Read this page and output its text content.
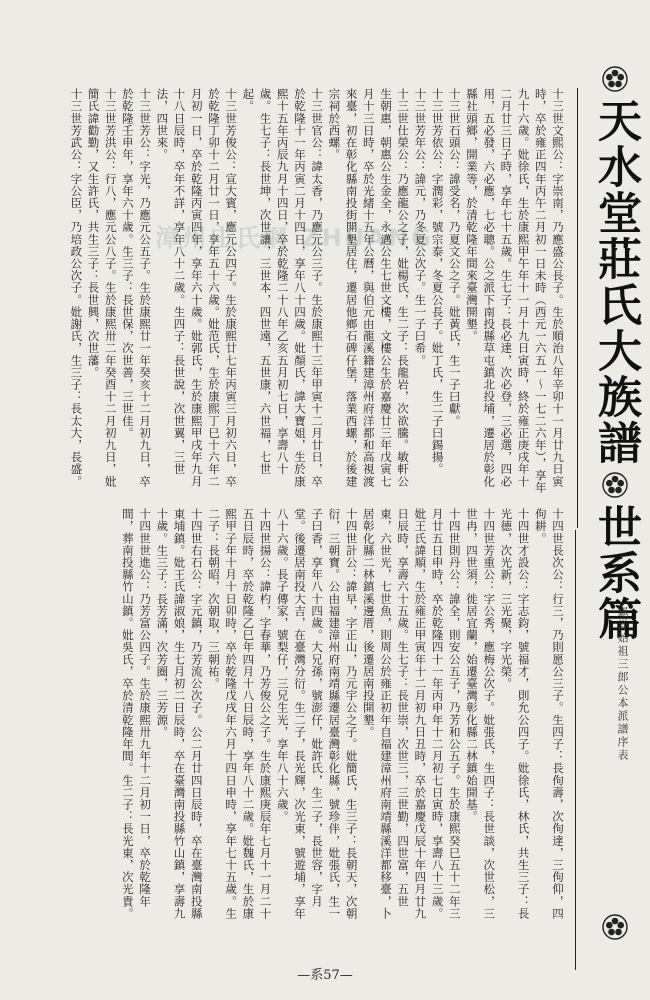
漳州庄氏網 ZHUANG	天水堂莊氏大族譜
世系篇
龜洋始祖三郎公本派譜序表

十三世文熙公：字崇南，乃應盛公長子。生於順治八年辛卯十一月廿九日寅時，卒於雍正四年丙午二月初一日未時（西元一六五一～一七二六年），享年九十六歲。妣徐氏，生於康熙甲午年十一月十九日寅時，終於雍正庚戌年十二月廿三日子時，享年七十五歲。生七子：長必達，次必登，三必選，四必用，五必發，六必應，七必聰。公之派下南投縣草屯鎮北投埔，遷居於彰化縣社頭鄉，開業等，於清乾隆年間來臺灣開墾。

十三世石頭公：諱受名，乃夏文公之子。妣黃氏，生一子曰獻。

十三世芳依公：字潤彩，號宗泰，冬夏公長子。妣丁氏，生二子曰錫揚。

十三世芳年公：諱元，乃冬夏公次子。生一子曰希。

十三世仕榮公：乃應龍公之子，妣楊氏，生二子：長龍岩，次欲騰。敏軒公生朝惠，朝惠公生金全，永邁公生七世文樓，文樓公生於嘉慶廿三年戊寅七月十三日時，卒於光緒十五年公曆，與伯元由龍溪籍建漳州府洋都和高視渡來臺，初在彰化縣南投街開墾居住，遷居他鄉石碑仔堡，落業西螺，於後建宗祠於西螺。

十三世官公：諱太香，乃應元公三子。生於康熙十三年甲寅十二月廿日，卒於乾隆十一年丙寅二月十四日，享年八十四歲。妣顏氏，諱大寶姐，生於康熙十五年丙辰九月十四日，卒於乾隆二十八年乙亥五月初七日，享壽八十歲。生七子：長世坤，次世讓，三世本，四世遠，五世康，六世福，七世起。

十三世芳俊公：宣大賓，應元公四子。生於康熙廿七年丙寅三月初六日，卒於乾隆丁卯十二月廿一日，享年五十六歲。妣范氏，生於康熙丁巳十六年二月初一日，卒於乾隆丙寅四年，享年六十歲。妣郭氏，生於康熙甲戌年九月十八日辰時，卒年不詳，享年八十二歲。生四子：長世說，次世翼，三世法，四世來。

十三世芳公：字光，乃應元公五子。生於康熙廿一年癸亥十二月初九日，卒於乾隆壬申年，享年六十歲。生三子：長世保，次世善，三世佳。

十三世芳洪公：行八，應元公八子。生於康熙卅二年癸酉十二月初九日，妣簡氏諱勸勤，又生許氏，共生三子：長世興，次世藩。

十三世芳武公：字公臣，乃培政公次子。妣謝氏，生三子：長太大，長盛。

十四世長次公：行三，乃則愿公三子。生四子：長佝壽，次佝達，三佝仰，四佝耕。

十四世才設公：字志鈞，號福才，則允公四子。妣徐氏，林氏，共生三子：長光德，次光新，三光聚，字光榮。

十四世芳重公：字公秀，應梅公次子。妣張氏，生四子：長世談，次世松，三世冉，四世須，徙居宜蘭，始遷臺灣彰化縣二林鎮始開基。

十四世則丹公：諱全，則安公五子，乃芳和公五子。生於康熙癸巳五十二年三月廿五日申時，卒於乾隆四十一年丙申年十二月初七日寅時，享壽八十三歲。妣王氏諱順，生於雍正甲寅年十二月初九日丑時，卒於嘉慶戊辰十年四月廿九日辰時，享壽六十五歲。生七子：長世崇，次世三，三世勤，四世富，五世東，六世光，七世魚，則周公於雍正初年自福建漳州府南靖縣溪洋都移臺，卜居彰化縣二林鎮溪邊厝，後遷居南投開墾。

十四世計公：諱早，字正山，乃元宇公之子。妣簡氏，生三子：長朝天，次朝衍，三朝寶。公由福建漳州府南靖縣遷居臺灣彰化縣，號珍伴，妣張氏，生一子曰香，享年八十四歲。大兄孫，號澎仔，妣許氏，生二子，長世容，字月堂。後遷居南投大吉，在臺灣分衍。生二子，長光輝，次光東，號遊埔，享年八十六歲。長子傳家，號梨仔，三兄生光，享年八十六歲。

十四世揚公：諱杓，字春華，乃芳俊公之子。生於康熙庚辰年七月十一月二十五日辰時，卒於乾隆乙巳年四月十八日辰時，享年八十二歲。妣魏氏，生於康熙甲子年十月十日卯時，卒於乾隆戊戌年六月十四日申時，享年七十五歲。生二子：長朝昭，次朝取，三朝祐。

十四世右石公：字元鎮，乃芳流公次子。公二月廿四日辰時，卒在臺灣南投縣東埔鎮。妣王氏諱淑娘，生七月初二日辰時，卒在臺灣南投縣竹山鎮，享壽九十歲。生三子：長芳滿，次芳圈，三芳源。

十四世世進公：乃芳富公四子。生於康熙卅九年十二月初一日，卒於乾隆年間，葬南投縣竹山鎮。妣吳氏，卒於清乾隆年間。生二子：長光東，次光貴。

—系57—
